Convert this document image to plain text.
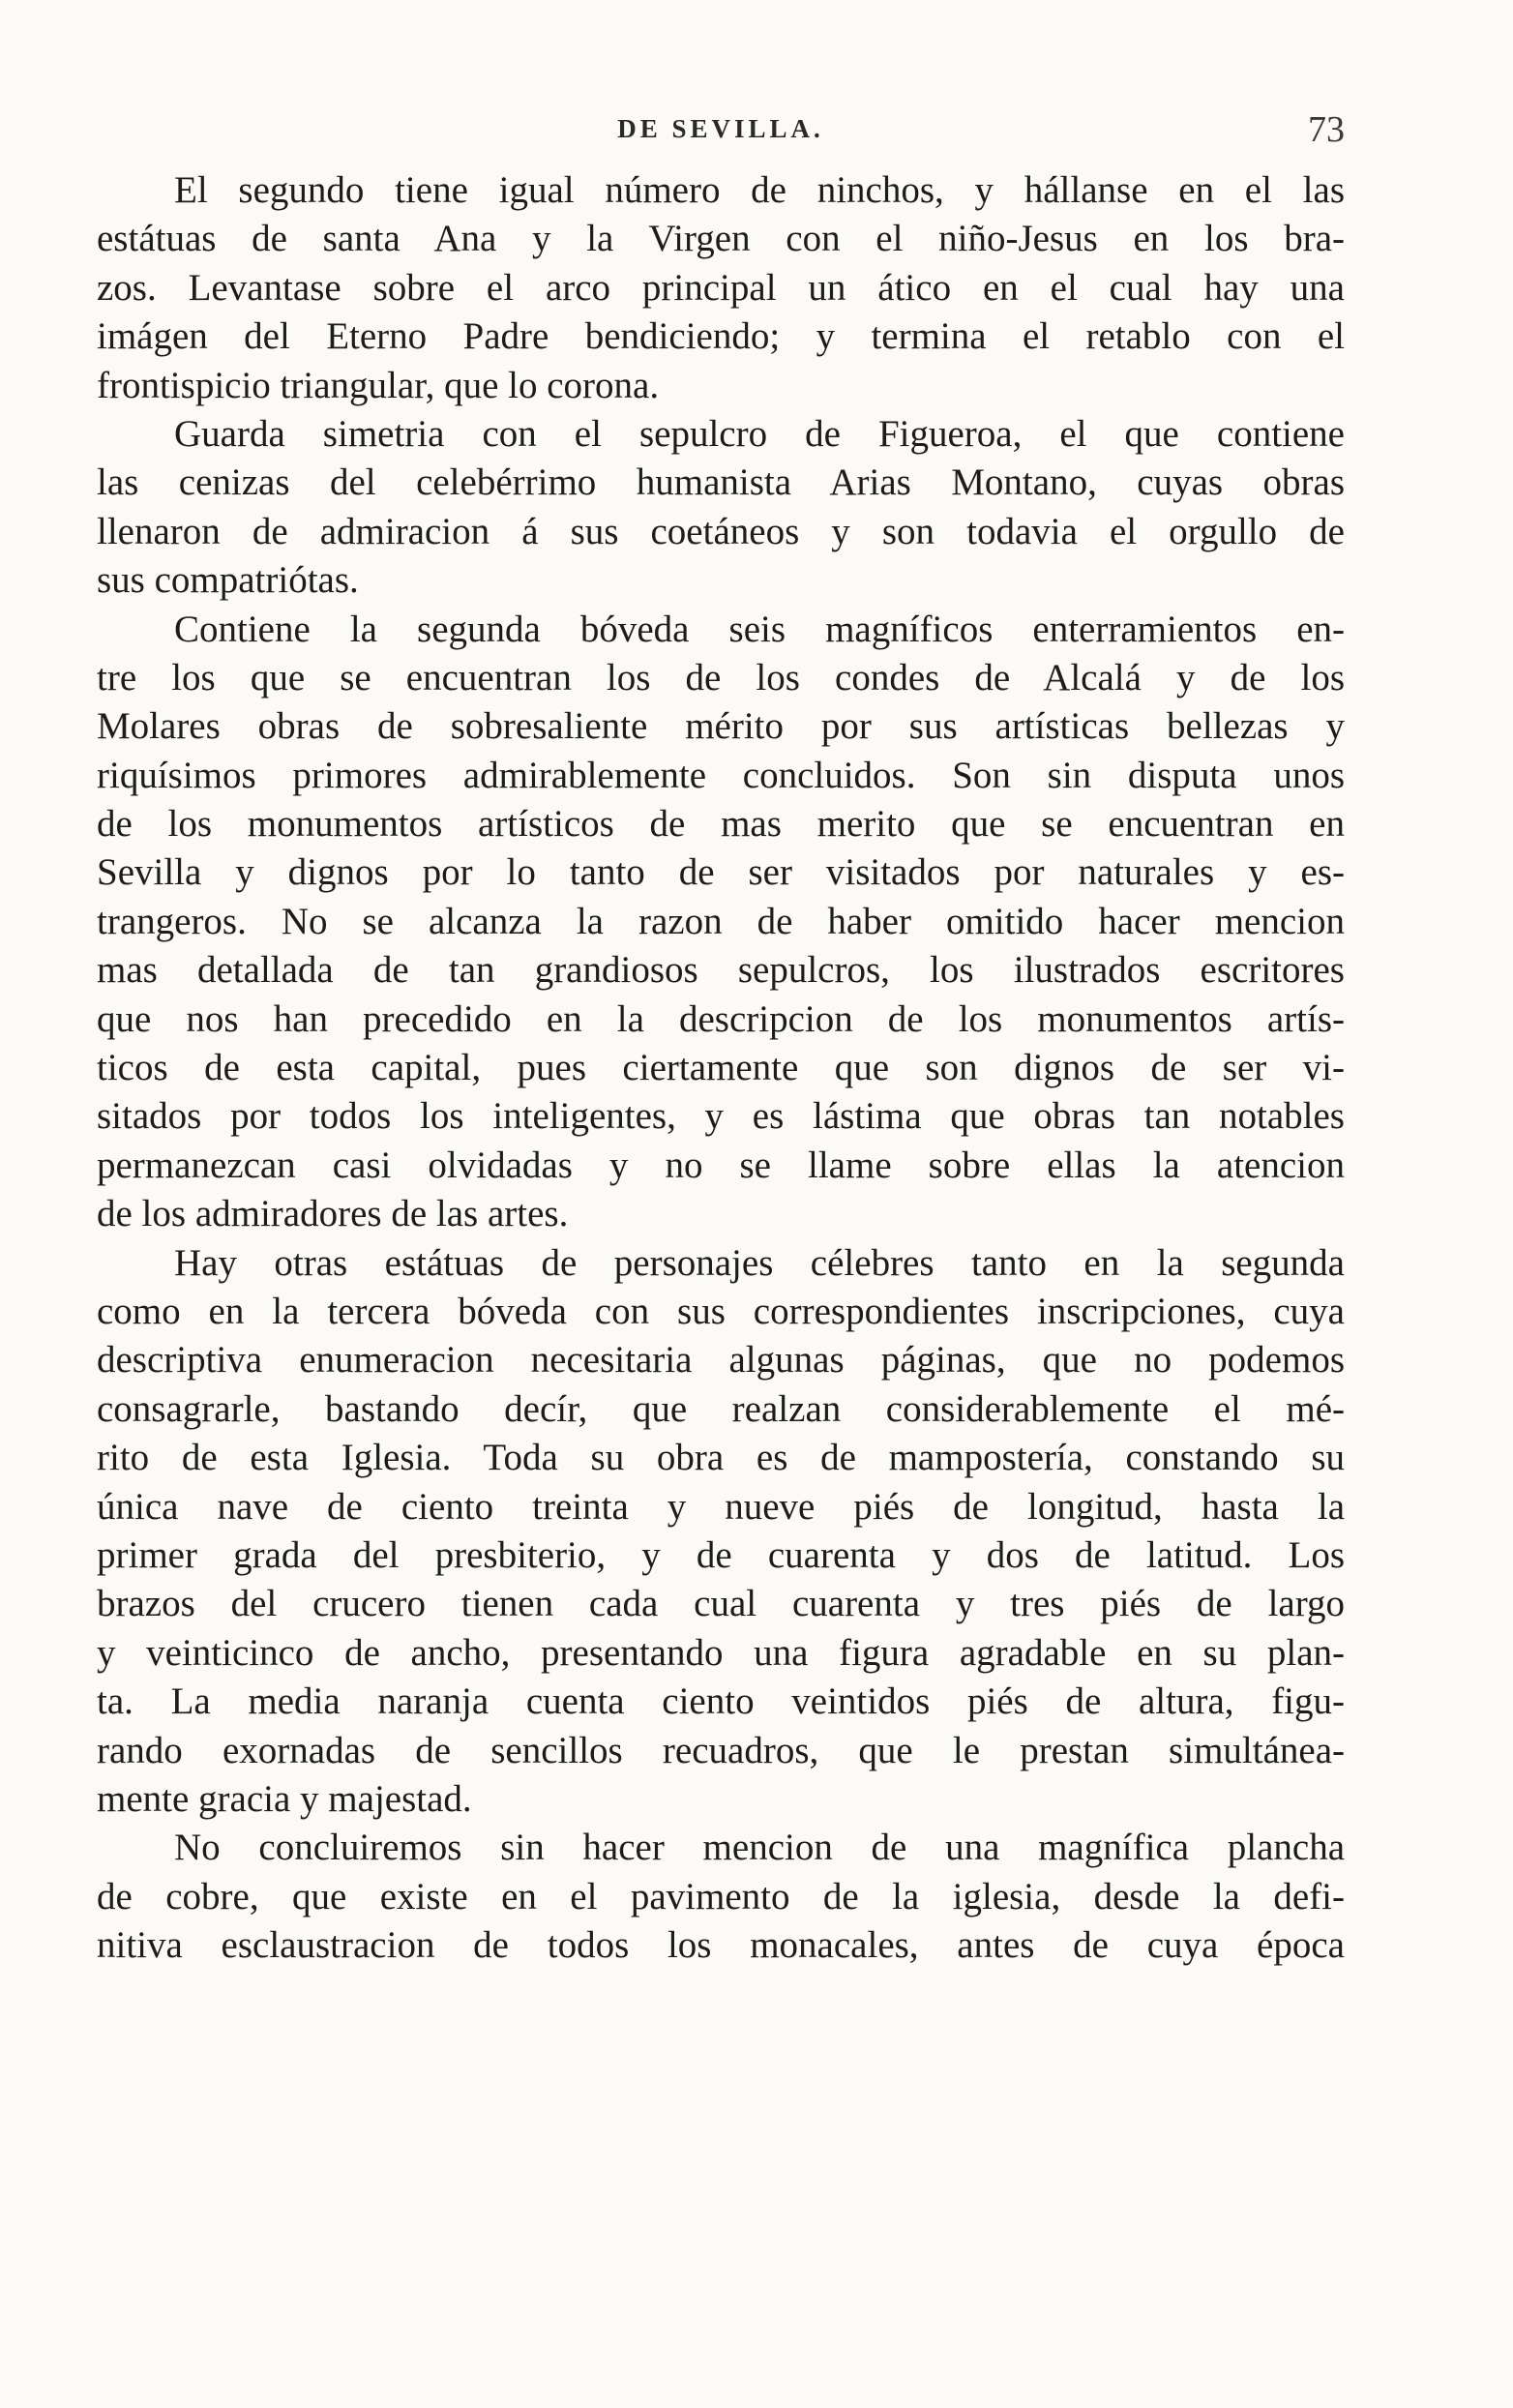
DE SEVILLA.	73

El segundo tiene igual número de ninchos, y hállanse en el las
estátuas de santa Ana y la Virgen con el niño-Jesus en los bra-
zos. Levantase sobre el arco principal un ático en el cual hay una
imágen del Eterno Padre bendiciendo; y termina el retablo con el
frontispicio triangular, que lo corona.

Guarda simetria con el sepulcro de Figueroa, el que contiene
las cenizas del celebérrimo humanista Arias Montano, cuyas obras
llenaron de admiracion á sus coetáneos y son todavia el orgullo de
sus compatriótas.

Contiene la segunda bóveda seis magníficos enterramientos en-
tre los que se encuentran los de los condes de Alcalá y de los
Molares obras de sobresaliente mérito por sus artísticas bellezas y
riquísimos primores admirablemente concluidos. Son sin disputa unos
de los monumentos artísticos de mas merito que se encuentran en
Sevilla y dignos por lo tanto de ser visitados por naturales y es-
trangeros. No se alcanza la razon de haber omitido hacer mencion
mas detallada de tan grandiosos sepulcros, los ilustrados escritores
que nos han precedido en la descripcion de los monumentos artís-
ticos de esta capital, pues ciertamente que son dignos de ser vi-
sitados por todos los inteligentes, y es lástima que obras tan notables
permanezcan casi olvidadas y no se llame sobre ellas la atencion
de los admiradores de las artes.

Hay otras estátuas de personajes célebres tanto en la segunda
como en la tercera bóveda con sus correspondientes inscripciones, cuya
descriptiva enumeracion necesitaria algunas páginas, que no podemos
consagrarle, bastando decír, que realzan considerablemente el mé-
rito de esta Iglesia. Toda su obra es de mampostería, constando su
única nave de ciento treinta y nueve piés de longitud, hasta la
primer grada del presbiterio, y de cuarenta y dos de latitud. Los
brazos del crucero tienen cada cual cuarenta y tres piés de largo
y veinticinco de ancho, presentando una figura agradable en su plan-
ta. La media naranja cuenta ciento veintidos piés de altura, figu-
rando exornadas de sencillos recuadros, que le prestan simultánea-
mente gracia y majestad.

No concluiremos sin hacer mencion de una magnífica plancha
de cobre, que existe en el pavimento de la iglesia, desde la defi-
nitiva esclaustracion de todos los monacales, antes de cuya época
